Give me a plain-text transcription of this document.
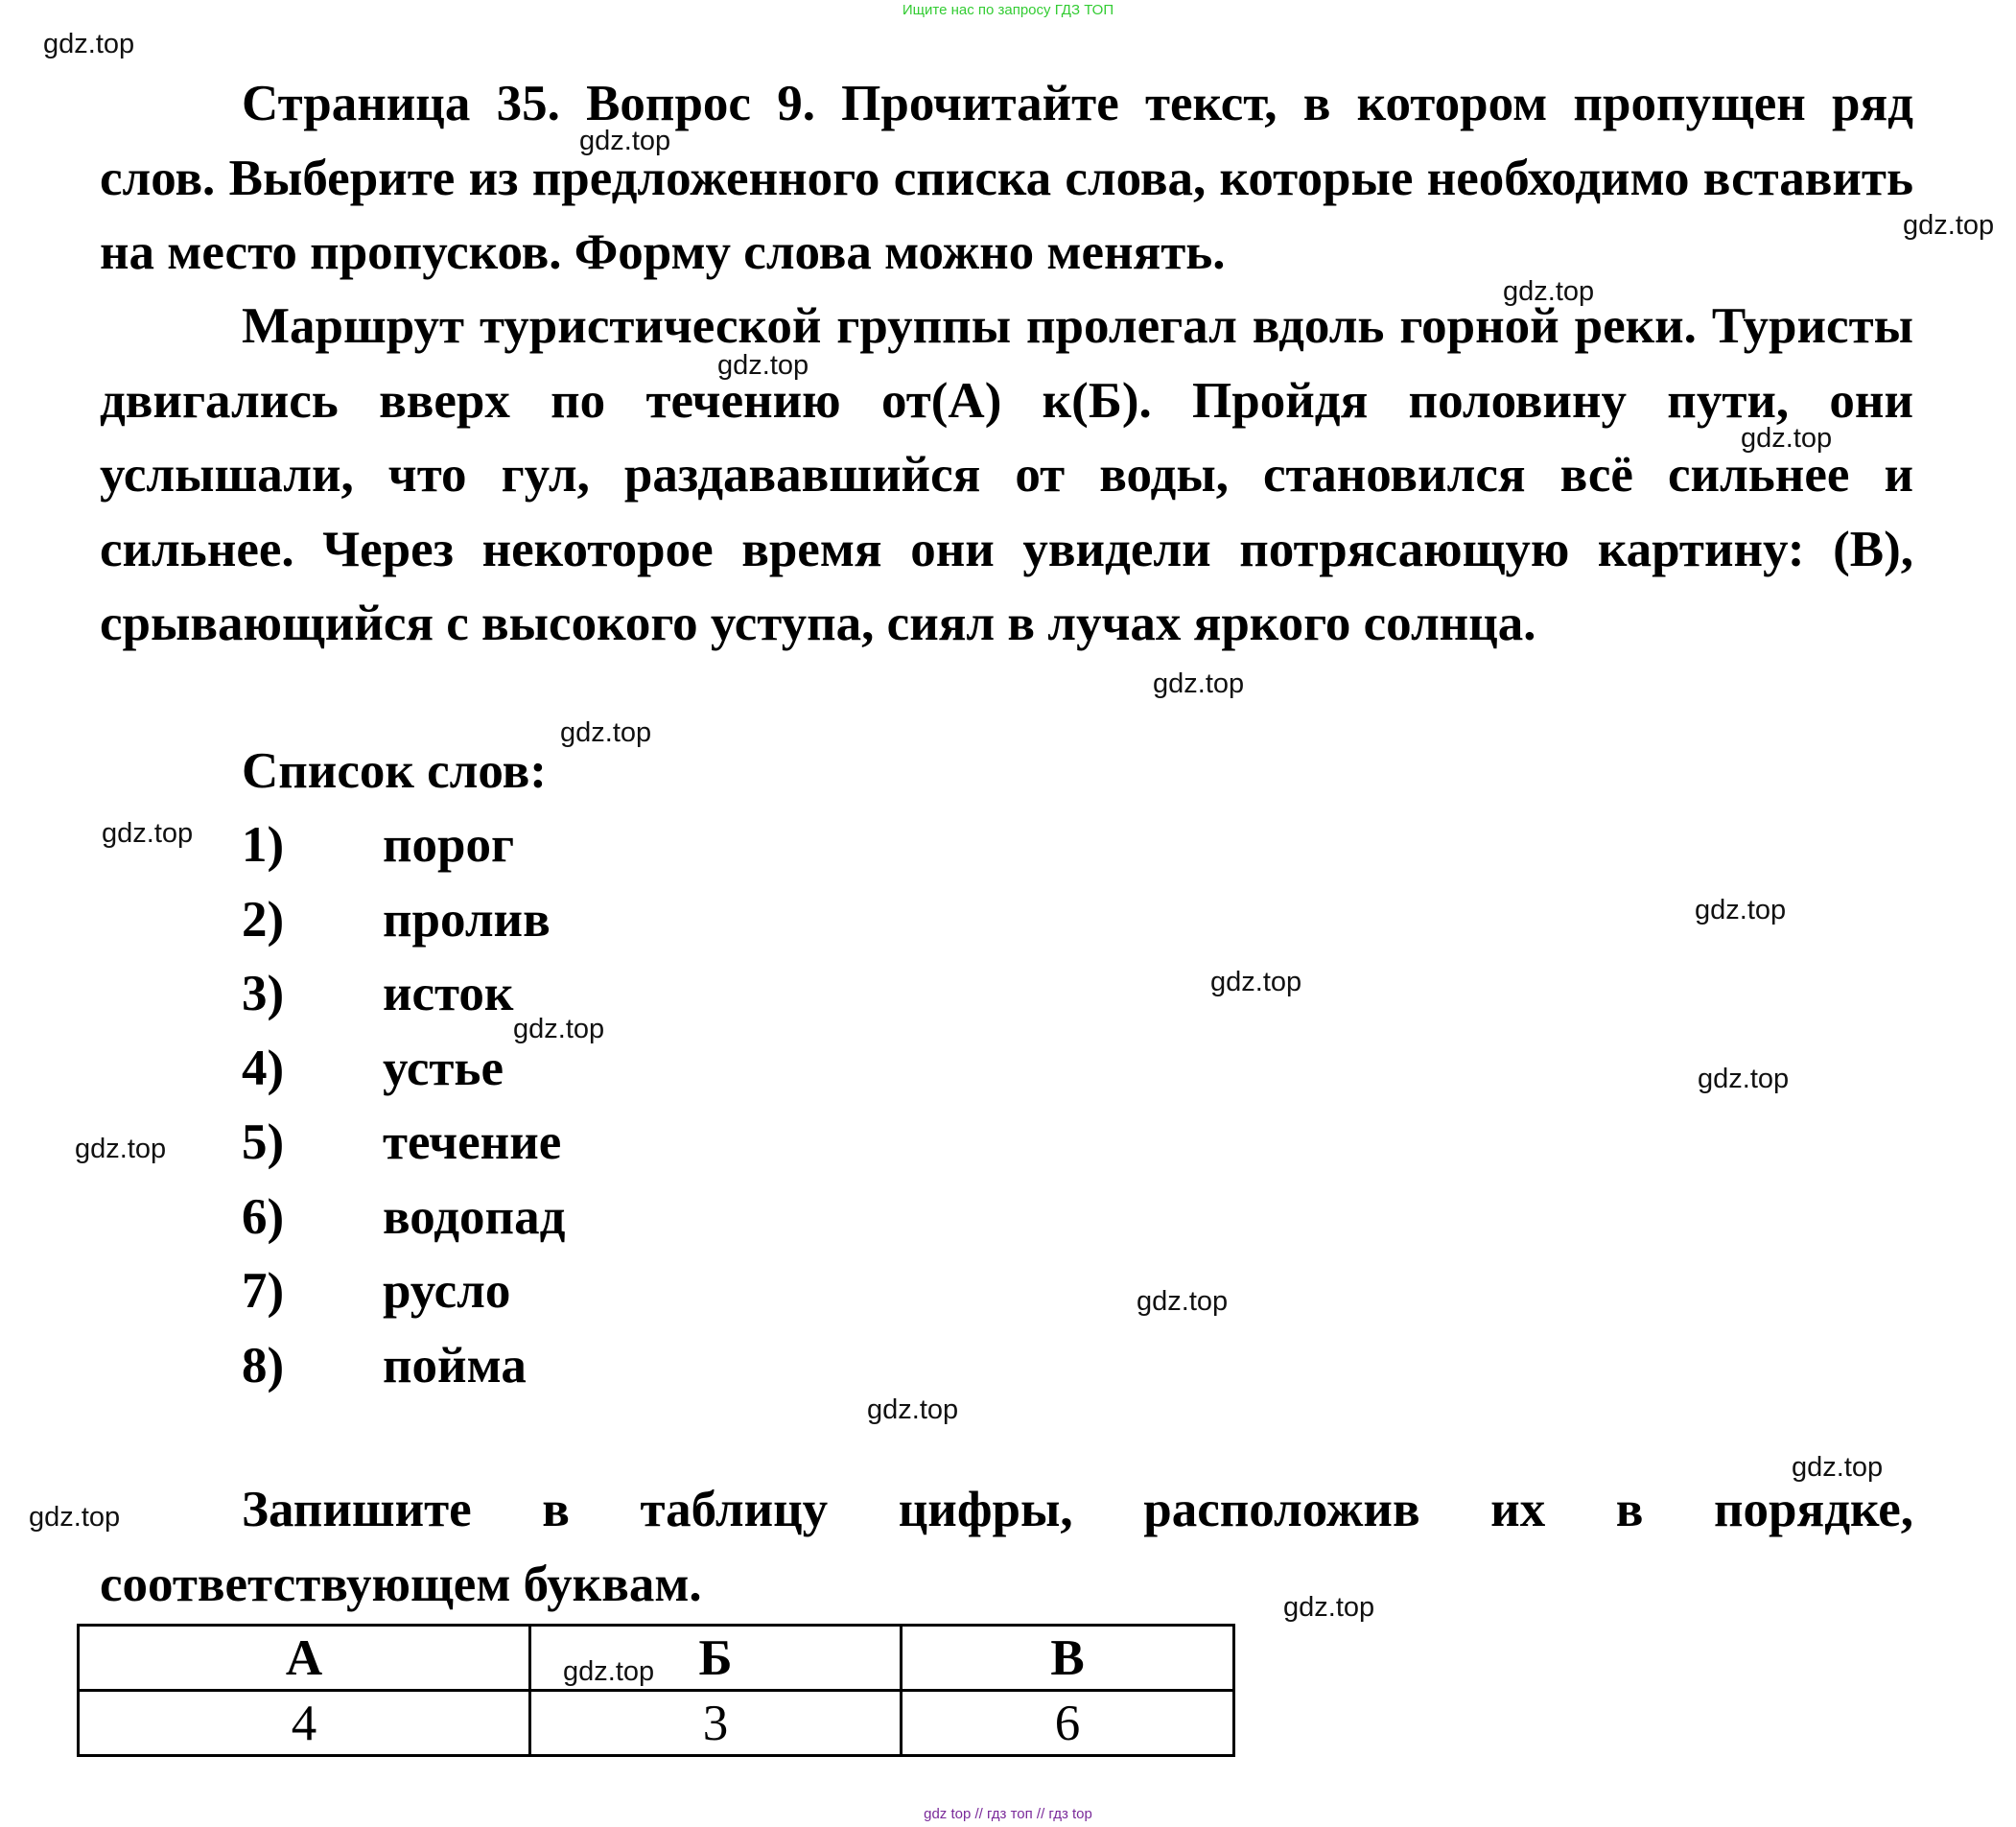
Ищите нас по запросу ГДЗ ТОП

Страница 35. Вопрос 9. Прочитайте текст, в котором пропущен ряд слов. Выберите из предложенного списка слова, которые необходимо вставить на место пропусков. Форму слова можно менять.

Маршрут туристической группы пролегал вдоль горной реки. Туристы двигались вверх по течению от(А) к(Б). Пройдя половину пути, они услышали, что гул, раздававшийся от воды, становился всё сильнее и сильнее. Через некоторое время они увидели потрясающую картину: (В), срывающийся с высокого уступа, сиял в лучах яркого солнца.

Список слов:

1)	порог
2)	пролив
3)	исток
4)	устье
5)	течение
6)	водопад
7)	русло
8)	пойма

Запишите в таблицу цифры, расположив их в порядке, соответствующем буквам.

А	Б	В
4	3	6
gdz.top
gdz.top
gdz.top
gdz.top
gdz.top
gdz.top
gdz.top
gdz.top
gdz.top
gdz.top
gdz.top
gdz.top
gdz.top
gdz.top
gdz.top
gdz.top
gdz.top
gdz.top
gdz.top
gdz.top
gdz top // гдз топ // гдз top
